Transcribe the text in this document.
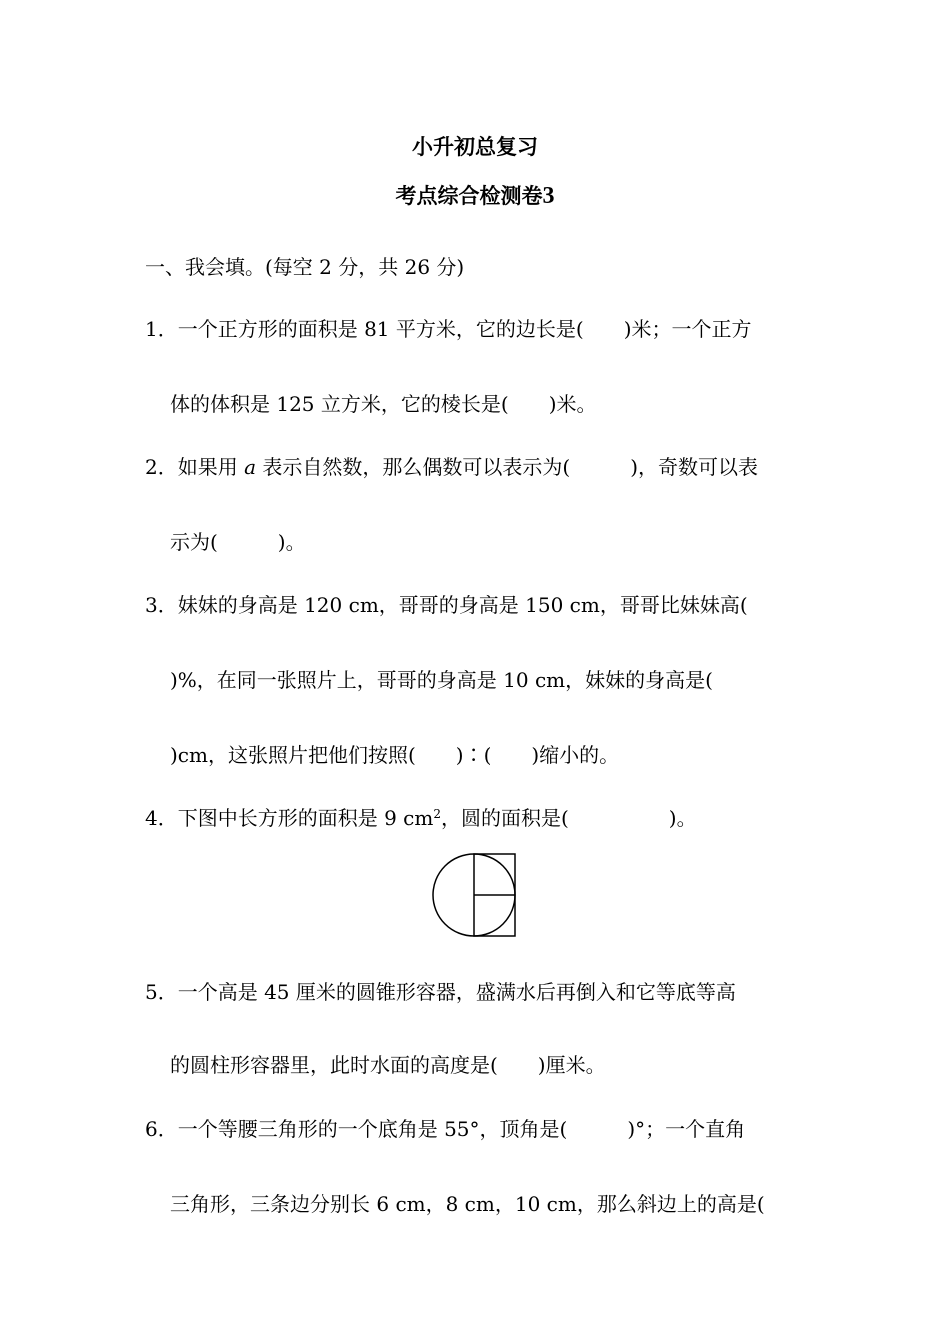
小升初总复习
考点综合检测卷3
一、我会填。(每空 2 分，共 26 分)
1．一个正方形的面积是 81 平方米，它的边长是(　　)米；一个正方
体的体积是 125 立方米，它的棱长是(　　)米。
2．如果用 a 表示自然数，那么偶数可以表示为(　　　)，奇数可以表
示为(　　　)。
3．妹妹的身高是 120 cm，哥哥的身高是 150 cm，哥哥比妹妹高(
)%，在同一张照片上，哥哥的身高是 10 cm，妹妹的身高是(
)cm，这张照片把他们按照(　　)∶(　　)缩小的。
4．下图中长方形的面积是 9 $cm^2$，圆的面积是(　　　　　)。
5．一个高是 45 厘米的圆锥形容器，盛满水后再倒入和它等底等高
的圆柱形容器里，此时水面的高度是(　　)厘米。
6．一个等腰三角形的一个底角是 55°，顶角是(　　　)°；一个直角
三角形，三条边分别长 6 cm，8 cm，10 cm，那么斜边上的高是(
